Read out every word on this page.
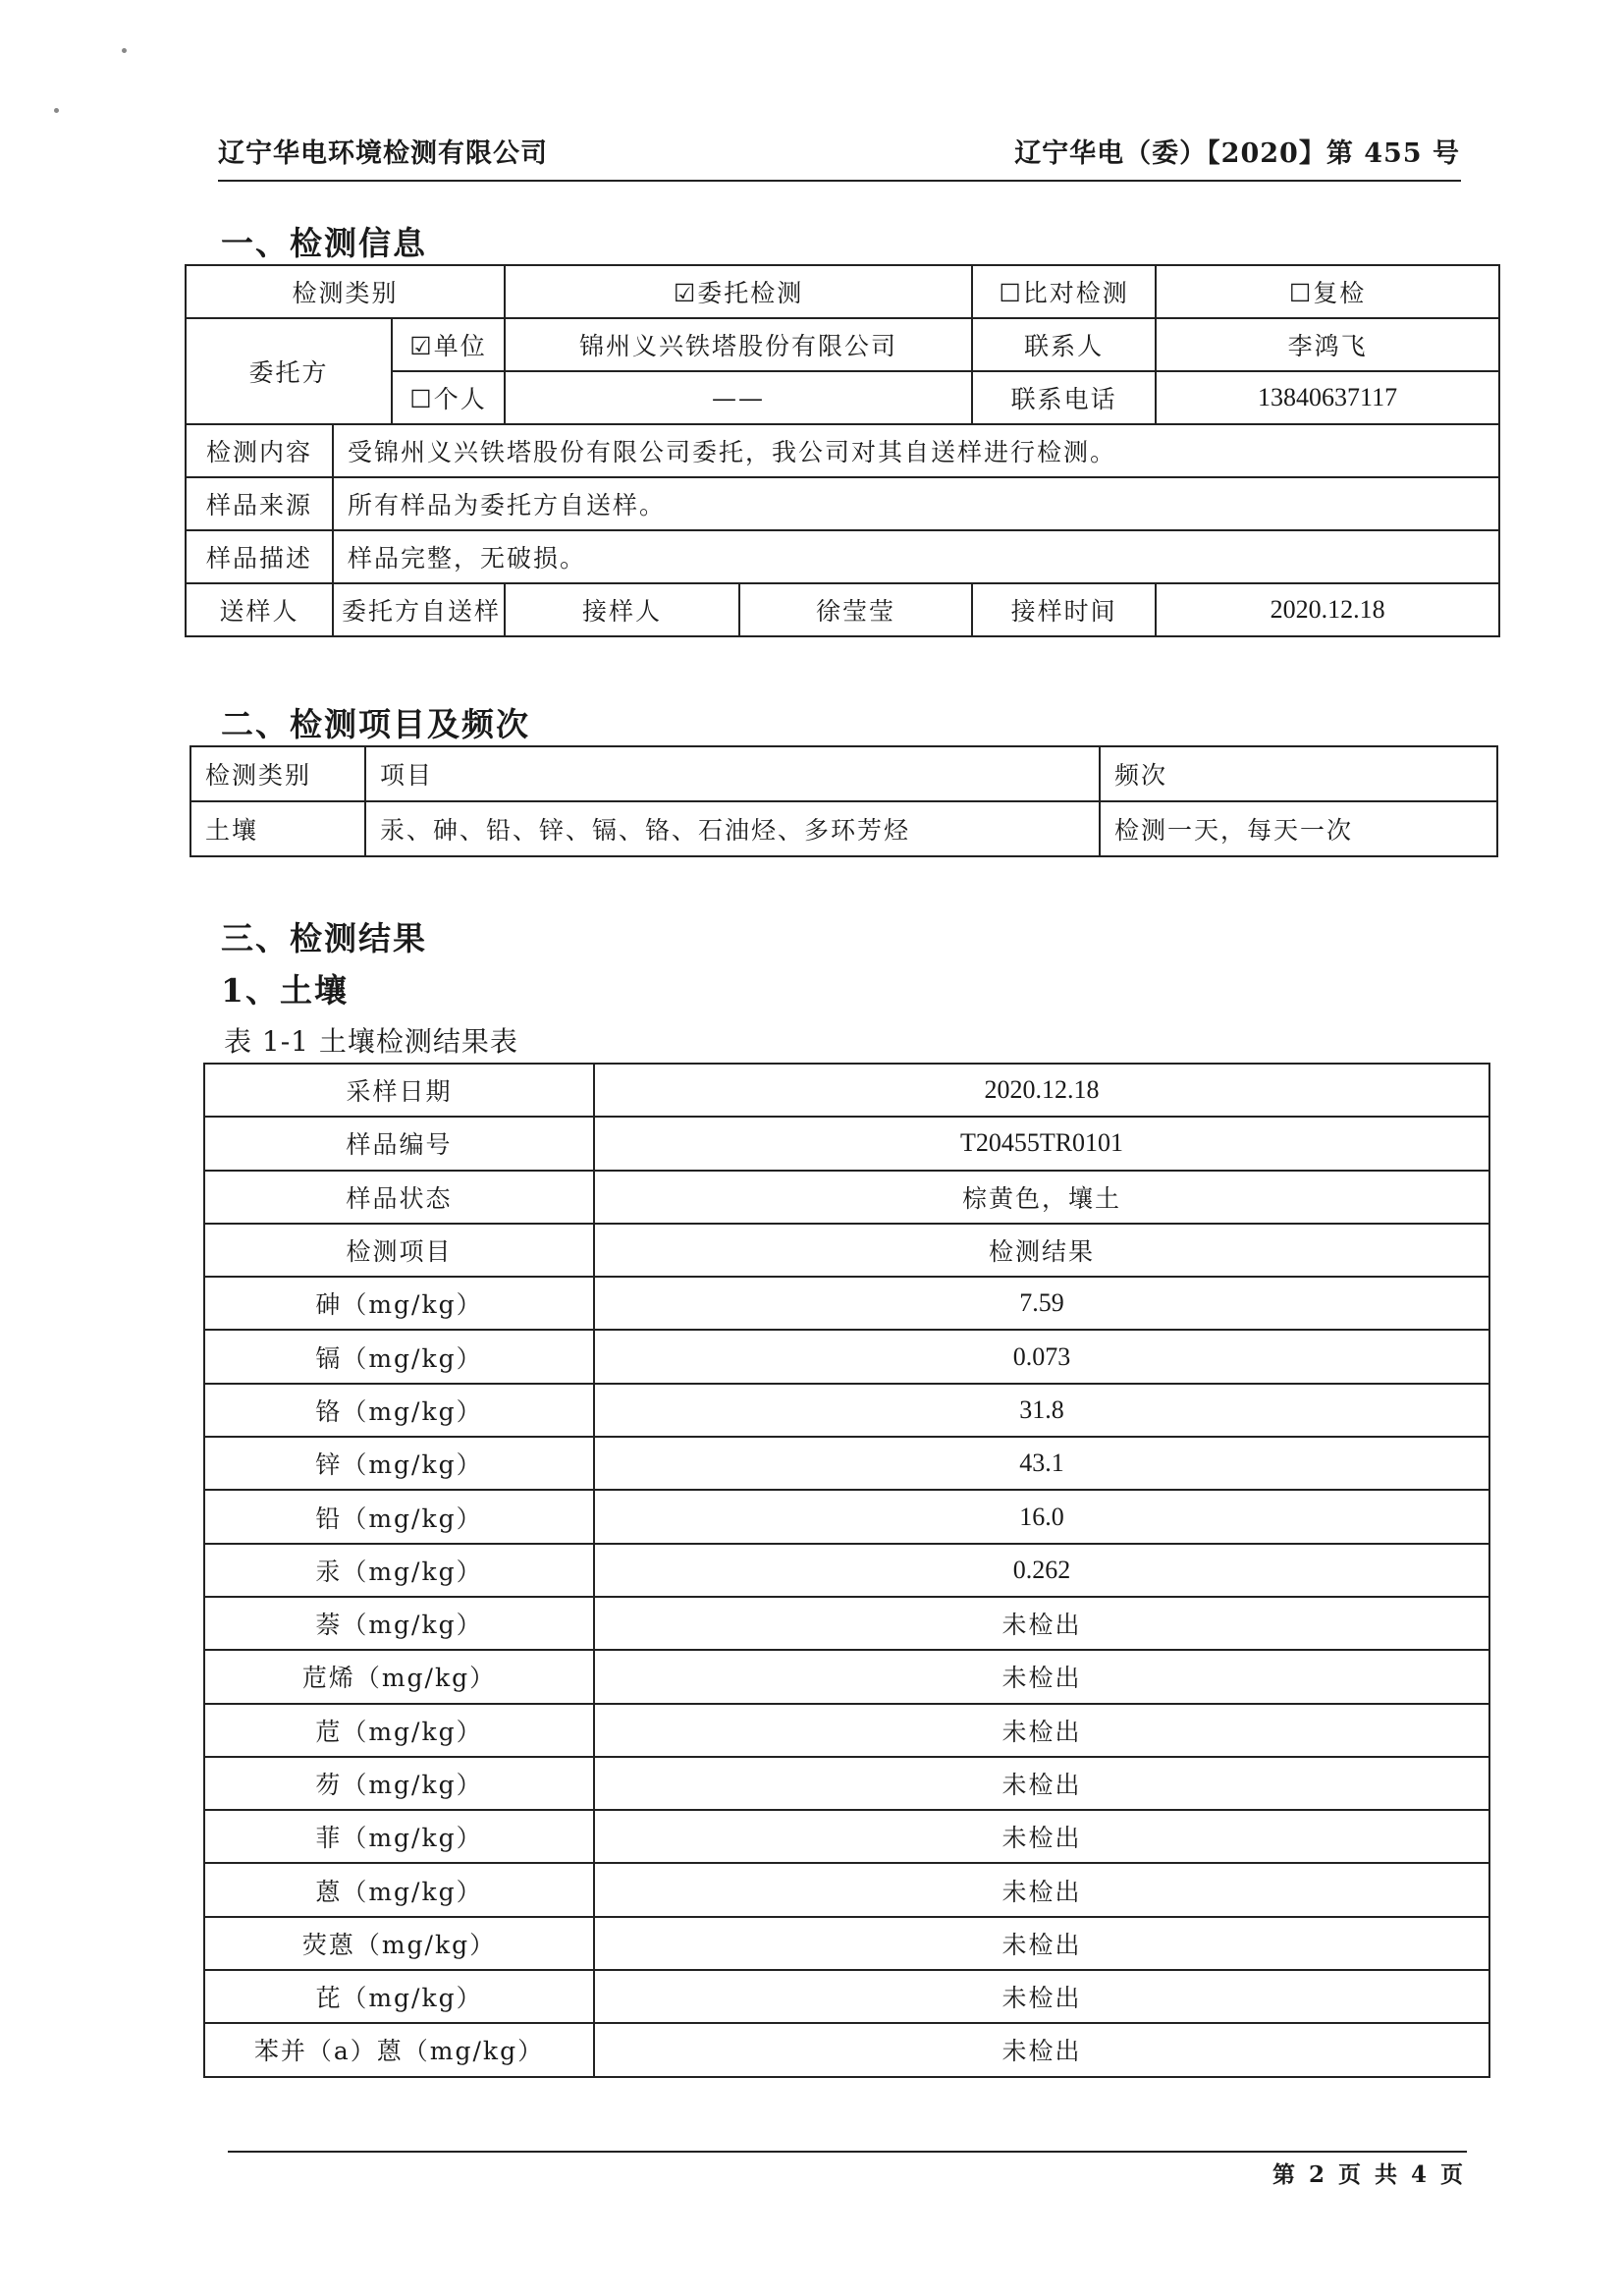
辽宁华电环境检测有限公司	辽宁华电（委）【2020】第 455 号
一、检测信息
检测类别			☑委托检测		☐比对检测	☐复检
委托方		☑单位	锦州义兴铁塔股份有限公司		联系人	李鸿飞
		☐个人	——		联系电话	13840637117
检测内容	受锦州义兴铁塔股份有限公司委托，我公司对其自送样进行检测。					
样品来源	所有样品为委托方自送样。					
样品描述	样品完整，无破损。					
送样人	委托方自送样		接样人	徐莹莹	接样时间	2020.12.18
二、检测项目及频次
检测类别	项目	频次
土壤	汞、砷、铅、锌、镉、铬、石油烃、多环芳烃	检测一天，每天一次
三、检测结果
1、土壤
表 1-1 土壤检测结果表
采样日期	2020.12.18
样品编号	T20455TR0101
样品状态	棕黄色，壤土
检测项目	检测结果
砷（mg/kg）	7.59
镉（mg/kg）	0.073
铬（mg/kg）	31.8
锌（mg/kg）	43.1
铅（mg/kg）	16.0
汞（mg/kg）	0.262
萘（mg/kg）	未检出
苊烯（mg/kg）	未检出
苊（mg/kg）	未检出
芴（mg/kg）	未检出
菲（mg/kg）	未检出
蒽（mg/kg）	未检出
荧蒽（mg/kg）	未检出
芘（mg/kg）	未检出
苯并（a）蒽（mg/kg）	未检出
第 2 页 共 4 页
